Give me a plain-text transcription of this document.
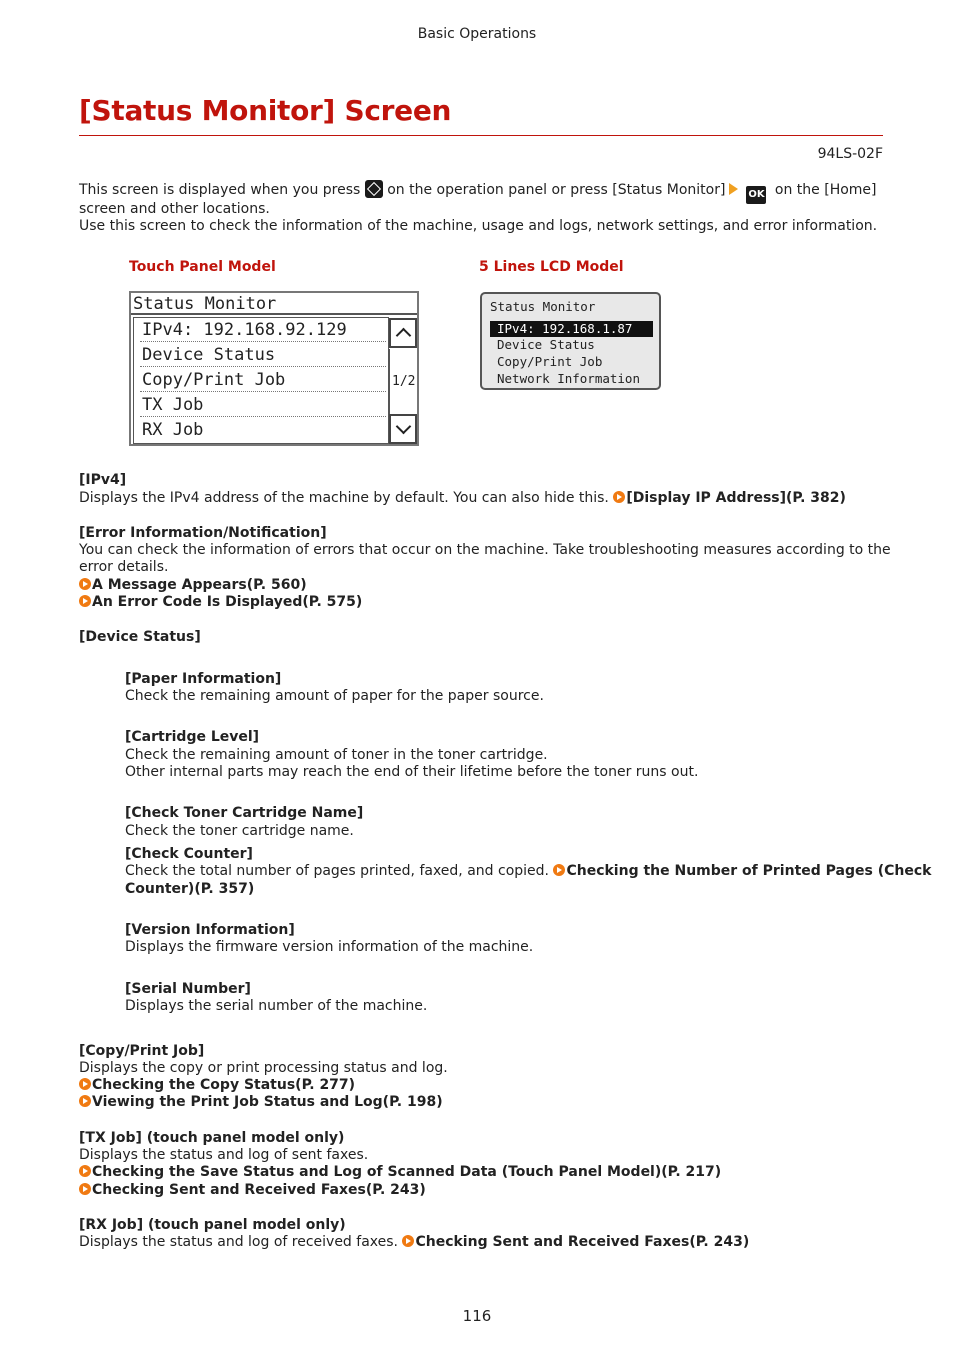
Basic Operations
[Status Monitor] Screen
94LS-02F
This screen is displayed when you press on the operation panel or press [Status Monitor] OK on the [Home]
screen and other locations.
Use this screen to check the information of the machine, usage and logs, network settings, and error information.
Touch Panel Model	5 Lines LCD Model
Status Monitor
IPv4: 192.168.92.129
Device Status
Copy/Print Job
TX Job
RX Job
1/2
Status Monitor
IPv4: 192.168.1.87
Device Status
Copy/Print Job
Network Information
[IPv4]
Displays the IPv4 address of the machine by default. You can also hide this. [Display IP Address](P. 382)
[Error Information/Notification]
You can check the information of errors that occur on the machine. Take troubleshooting measures according to the
error details.
A Message Appears(P. 560)
An Error Code Is Displayed(P. 575)
[Device Status]
[Paper Information]
Check the remaining amount of paper for the paper source.
[Cartridge Level]
Check the remaining amount of toner in the toner cartridge.
Other internal parts may reach the end of their lifetime before the toner runs out.
[Check Toner Cartridge Name]
Check the toner cartridge name.
[Check Counter]
Check the total number of pages printed, faxed, and copied. Checking the Number of Printed Pages (Check
Counter)(P. 357)
[Version Information]
Displays the firmware version information of the machine.
[Serial Number]
Displays the serial number of the machine.
[Copy/Print Job]
Displays the copy or print processing status and log.
Checking the Copy Status(P. 277)
Viewing the Print Job Status and Log(P. 198)
[TX Job] (touch panel model only)
Displays the status and log of sent faxes.
Checking the Save Status and Log of Scanned Data (Touch Panel Model)(P. 217)
Checking Sent and Received Faxes(P. 243)
[RX Job] (touch panel model only)
Displays the status and log of received faxes. Checking Sent and Received Faxes(P. 243)
116
